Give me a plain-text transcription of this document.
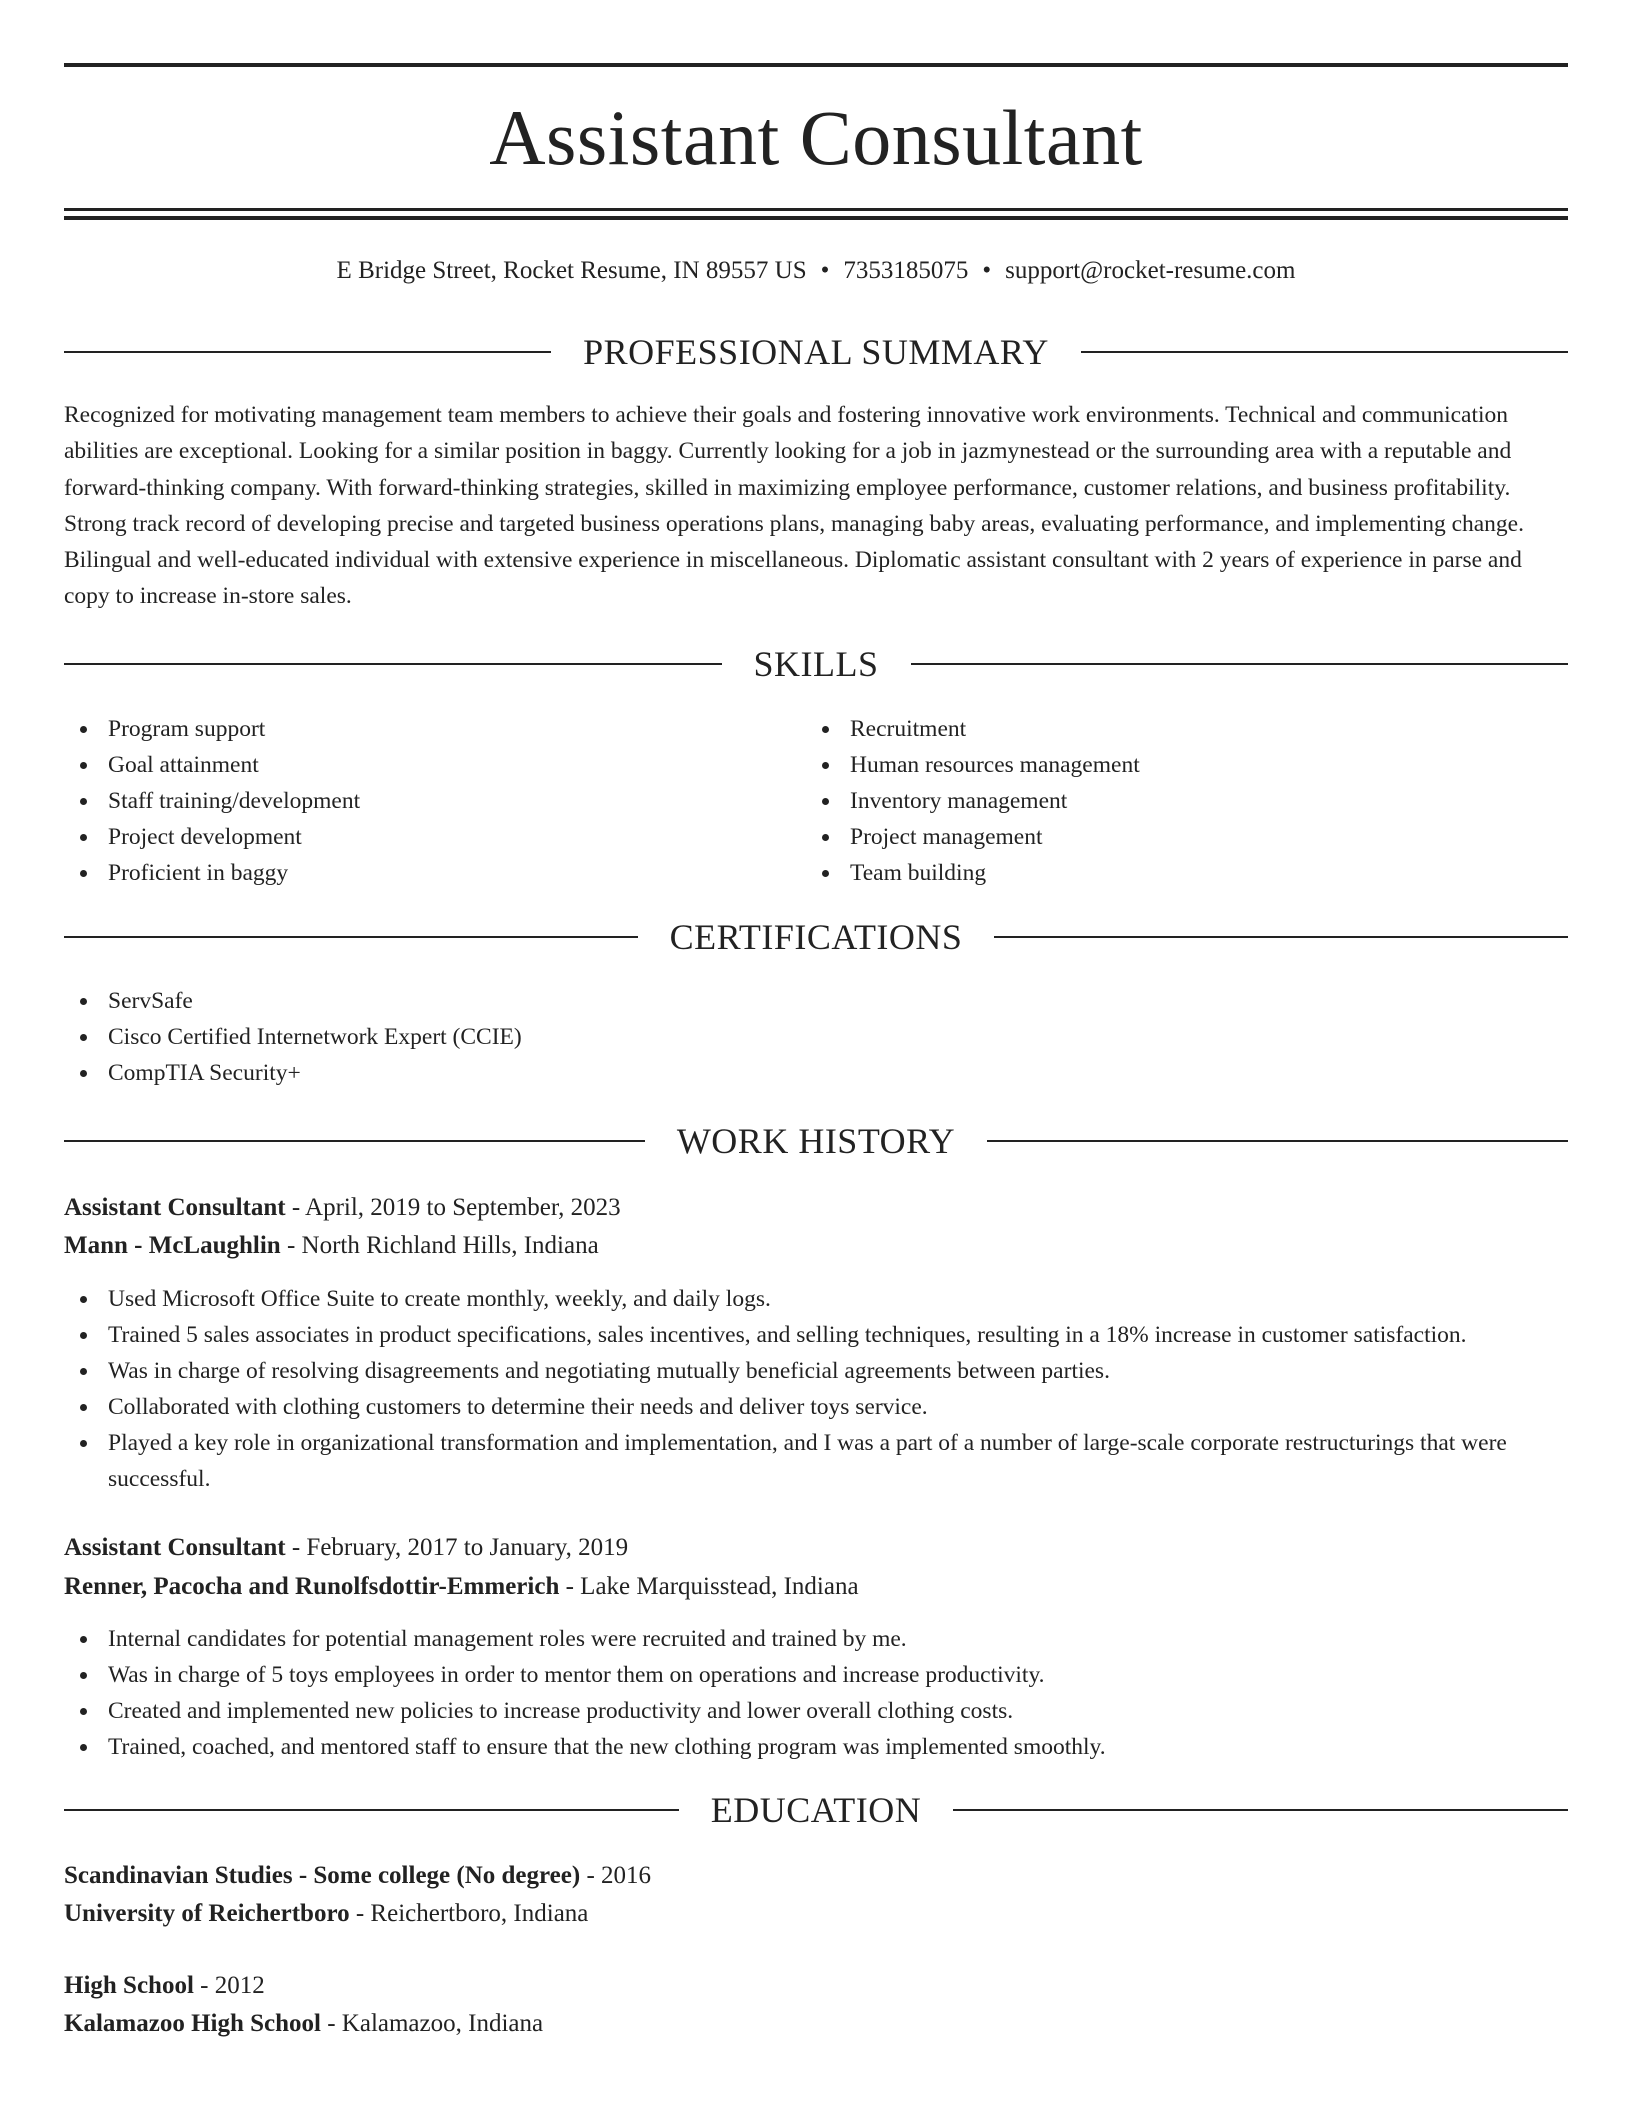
Assistant Consultant
E Bridge Street, Rocket Resume, IN 89557 US • 7353185075 • support@rocket-resume.com
PROFESSIONAL SUMMARY
Recognized for motivating management team members to achieve their goals and fostering innovative work environments. Technical and communication abilities are exceptional. Looking for a similar position in baggy. Currently looking for a job in jazmynestead or the surrounding area with a reputable and forward-thinking company. With forward-thinking strategies, skilled in maximizing employee performance, customer relations, and business profitability. Strong track record of developing precise and targeted business operations plans, managing baby areas, evaluating performance, and implementing change. Bilingual and well-educated individual with extensive experience in miscellaneous. Diplomatic assistant consultant with 2 years of experience in parse and copy to increase in-store sales.
SKILLS
Program support
Goal attainment
Staff training/development
Project development
Proficient in baggy
Recruitment
Human resources management
Inventory management
Project management
Team building
CERTIFICATIONS
ServSafe
Cisco Certified Internetwork Expert (CCIE)
CompTIA Security+
WORK HISTORY
Assistant Consultant - April, 2019 to September, 2023
Mann - McLaughlin - North Richland Hills, Indiana
Used Microsoft Office Suite to create monthly, weekly, and daily logs.
Trained 5 sales associates in product specifications, sales incentives, and selling techniques, resulting in a 18% increase in customer satisfaction.
Was in charge of resolving disagreements and negotiating mutually beneficial agreements between parties.
Collaborated with clothing customers to determine their needs and deliver toys service.
Played a key role in organizational transformation and implementation, and I was a part of a number of large-scale corporate restructurings that were successful.
Assistant Consultant - February, 2017 to January, 2019
Renner, Pacocha and Runolfsdottir-Emmerich - Lake Marquisstead, Indiana
Internal candidates for potential management roles were recruited and trained by me.
Was in charge of 5 toys employees in order to mentor them on operations and increase productivity.
Created and implemented new policies to increase productivity and lower overall clothing costs.
Trained, coached, and mentored staff to ensure that the new clothing program was implemented smoothly.
EDUCATION
Scandinavian Studies - Some college (No degree) - 2016
University of Reichertboro - Reichertboro, Indiana
High School - 2012
Kalamazoo High School - Kalamazoo, Indiana
